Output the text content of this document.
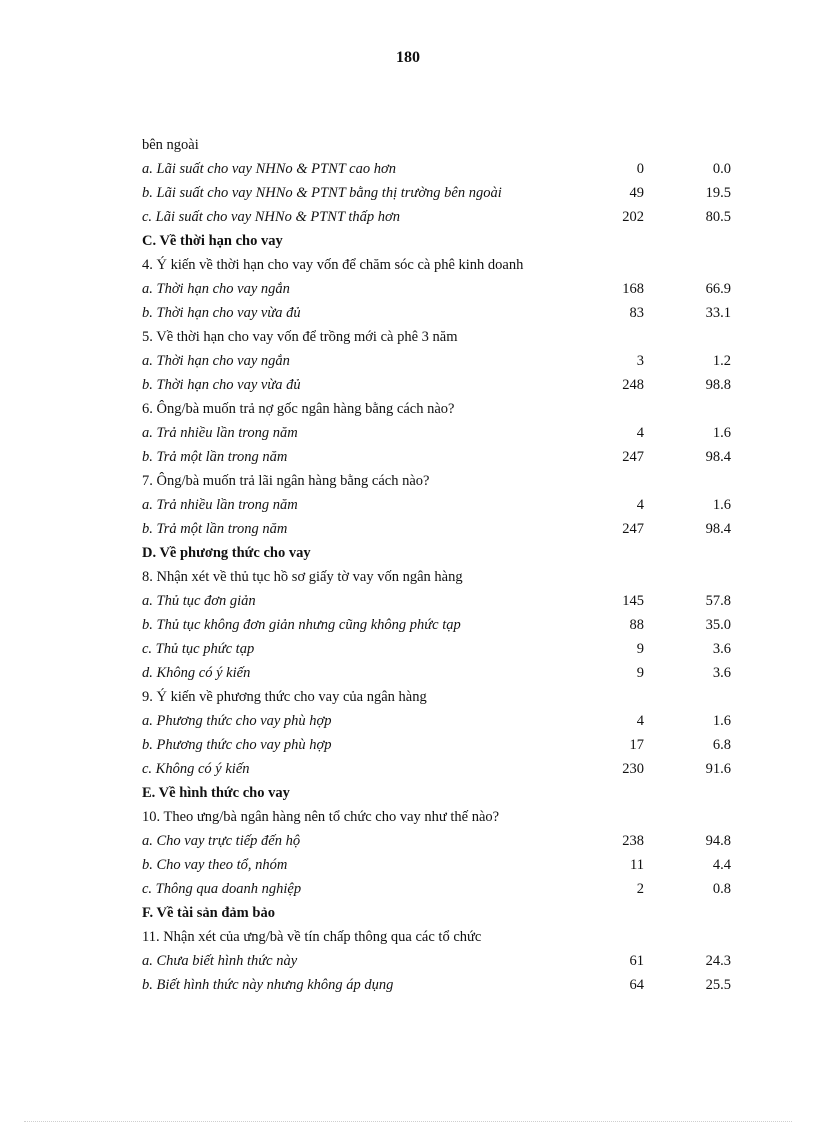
180
bên ngoài
a. Lãi suất cho vay NHNo & PTNT cao hơn	0	0.0
b. Lãi suất cho vay NHNo & PTNT bằng thị trường bên ngoài	49	19.5
c. Lãi suất cho vay NHNo & PTNT thấp hơn	202	80.5
C. Về thời hạn cho vay
4. Ý kiến về thời hạn cho vay vốn để chăm sóc cà phê kinh doanh
a. Thời hạn cho vay ngắn	168	66.9
b. Thời hạn cho vay vừa đủ	83	33.1
5. Về thời hạn cho vay vốn để trồng mới cà phê 3 năm
a. Thời hạn cho vay ngắn	3	1.2
b. Thời hạn cho vay vừa đủ	248	98.8
6. Ông/bà muốn trả nợ gốc ngân hàng bằng cách nào?
a. Trả nhiều lần trong năm	4	1.6
b. Trả một lần trong năm	247	98.4
7. Ông/bà muốn trả lãi ngân hàng bằng cách nào?
a. Trả nhiều lần trong năm	4	1.6
b. Trả một lần trong năm	247	98.4
D. Về phương thức cho vay
8. Nhận xét về thủ tục hồ sơ giấy tờ vay vốn ngân hàng
a. Thủ tục đơn giản	145	57.8
b. Thủ tục không đơn giản nhưng cũng không phức tạp	88	35.0
c. Thủ tục phức tạp	9	3.6
d. Không có ý kiến	9	3.6
9. Ý kiến về phương thức cho vay của ngân hàng
a. Phương thức cho vay phù hợp	4	1.6
b. Phương thức cho vay phù hợp	17	6.8
c. Không có ý kiến	230	91.6
E. Về hình thức cho vay
10. Theo ưng/bà ngân hàng nên tổ chức cho vay như thế nào?
a. Cho vay trực tiếp đến hộ	238	94.8
b. Cho vay theo tổ, nhóm	11	4.4
c. Thông qua doanh nghiệp	2	0.8
F. Về tài sản đảm bảo
11. Nhận xét của ưng/bà về tín chấp thông qua các tổ chức
a. Chưa biết hình thức này	61	24.3
b. Biết hình thức này nhưng không áp dụng	64	25.5
